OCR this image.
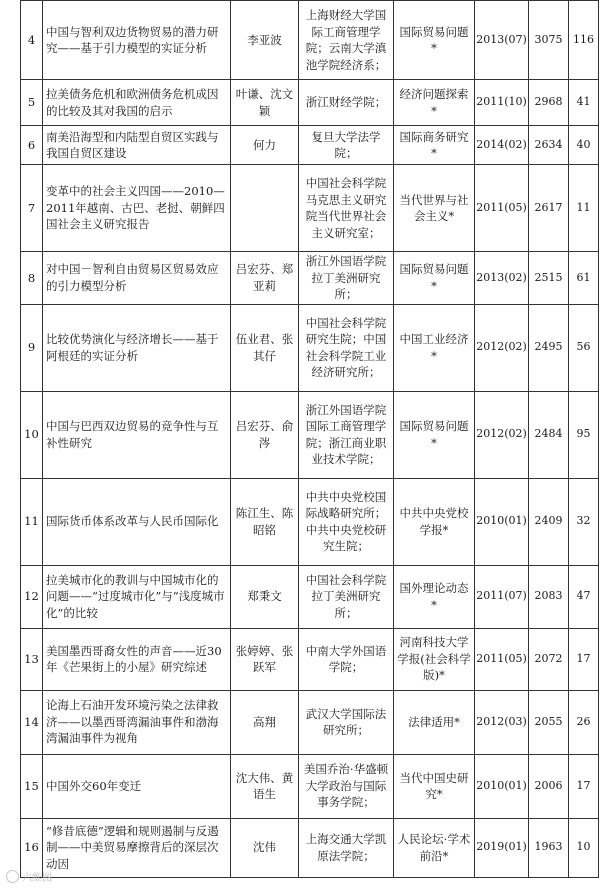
4	中国与智利双边货物贸易的潜力研究——基于引力模型的实证分析	李亚波	上海财经大学国际工商管理学院；云南大学滇池学院经济系；	国际贸易问题*	2013(07)	3075	116
5	拉美债务危机和欧洲债务危机成因的比较及其对我国的启示	叶谦、沈文颖	浙江财经学院；	经济问题探索*	2011(10)	2968	41
6	南美沿海型和内陆型自贸区实践与我国自贸区建设	何力	复旦大学法学院；	国际商务研究*	2014(02)	2634	40
7	变革中的社会主义四国——2010—2011年越南、古巴、老挝、朝鲜四国社会主义研究报告		中国社会科学院马克思主义研究院当代世界社会主义研究室；	当代世界与社会主义*	2011(05)	2617	11
8	对中国－智利自由贸易区贸易效应的引力模型分析	吕宏芬、郑亚莉	浙江外国语学院拉丁美洲研究所；	国际贸易问题*	2013(02)	2515	61
9	比较优势演化与经济增长——基于阿根廷的实证分析	伍业君、张其仔	中国社会科学院研究生院；中国社会科学院工业经济研究所；	中国工业经济*	2012(02)	2495	56
10	中国与巴西双边贸易的竞争性与互补性研究	吕宏芬、俞涔	浙江外国语学院国际工商管理学院；浙江商业职业技术学院；	国际贸易问题*	2012(02)	2484	95
11	国际货币体系改革与人民币国际化	陈江生、陈昭铭	中共中央党校国际战略研究所；中共中央党校研究生院；	中共中央党校学报*	2010(01)	2409	32
12	拉美城市化的教训与中国城市化的问题——“过度城市化”与“浅度城市化”的比较	郑秉文	中国社会科学院拉丁美洲研究所；	国外理论动态*	2011(07)	2083	47
13	美国墨西哥裔女性的声音——近30年《芒果街上的小屋》研究综述	张婷婷、张跃军	中南大学外国语学院；	河南科技大学学报(社会科学版)*	2011(05)	2072	17
14	论海上石油开发环境污染之法律救济——以墨西哥湾漏油事件和渤海湾漏油事件为视角	高翔	武汉大学国际法研究所；	法律适用*	2012(03)	2055	26
15	中国外交60年变迁	沈大伟、黄语生	美国乔治·华盛顿大学政治与国际事务学院；	当代中国史研究*	2010(01)	2006	17
16	“修昔底德”逻辑和规则遏制与反遏制——中美贸易摩擦背后的深层次动因	沈伟	上海交通大学凯原法学院；	人民论坛·学术前沿*	2019(01)	1963	10
六维图
